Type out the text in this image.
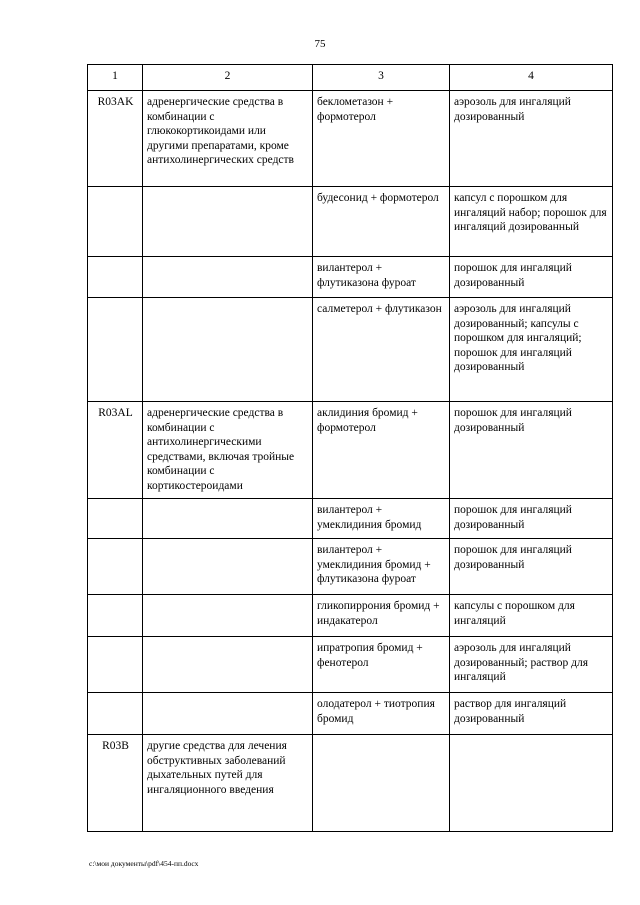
75
1	2	3	4
R03AK	адренергические средства в комбинации с глюкокортикоидами или другими препаратами, кроме антихолинергических средств	беклометазон + формотерол	аэрозоль для ингаляций дозированный
		будесонид + формотерол	капсул с порошком для ингаляций набор; порошок для ингаляций дозированный
		вилантерол + флутиказона фуроат	порошок для ингаляций дозированный
		салметерол + флутиказон	аэрозоль для ингаляций дозированный; капсулы с порошком для ингаляций; порошок для ингаляций дозированный
R03AL	адренергические средства в комбинации с антихолинергическими средствами, включая тройные комбинации с кортикостероидами	аклидиния бромид + формотерол	порошок для ингаляций дозированный
		вилантерол + умеклидиния бромид	порошок для ингаляций дозированный
		вилантерол + умеклидиния бромид + флутиказона фуроат	порошок для ингаляций дозированный
		гликопиррония бромид + индакатерол	капсулы с порошком для ингаляций
		ипратропия бромид + фенотерол	аэрозоль для ингаляций дозированный; раствор для ингаляций
		олодатерол + тиотропия бромид	раствор для ингаляций дозированный
R03B	другие средства для лечения обструктивных заболеваний дыхательных путей для ингаляционного введения		
c:\мои документы\pdf\454-пп.docx
